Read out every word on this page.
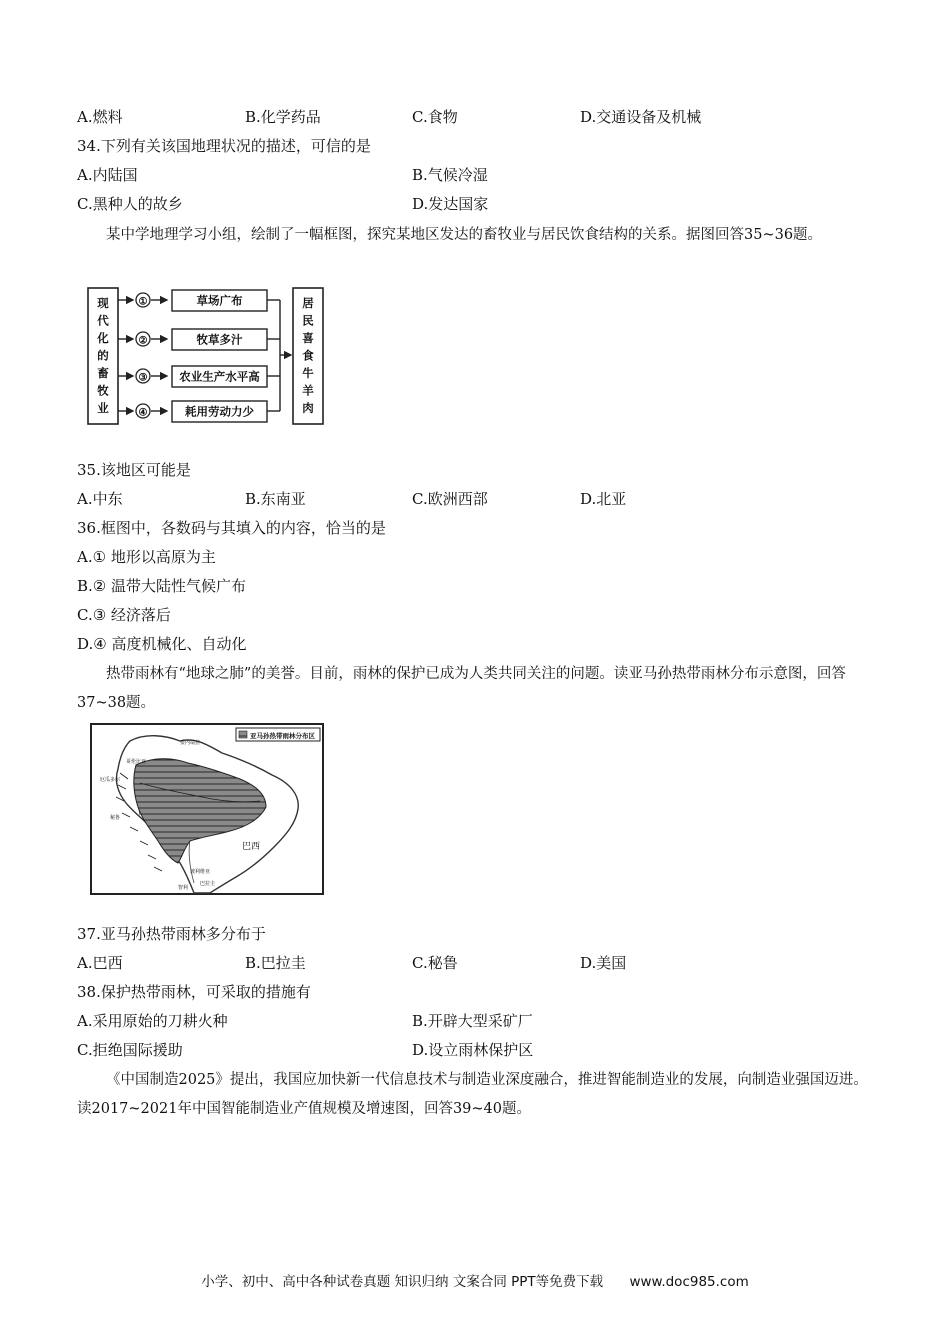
A.燃料	B.化学药品	C.食物	D.交通设备及机械
34.下列有关该国地理状况的描述，可信的是
A.内陆国	B.气候冷湿
C.黑种人的故乡	D.发达国家
某中学地理学习小组，绘制了一幅框图，探究某地区发达的畜牧业与居民饮食结构的关系。据图回答35~36题。
现
代
化
的
畜
牧
业
居
民
喜
食
牛
羊
肉
①	草场广布
②	牧草多汁
③	农业生产水平高
④	耗用劳动力少
35.该地区可能是
A.中东	B.东南亚	C.欧洲西部	D.北亚
36.框图中，各数码与其填入的内容，恰当的是
A.① 地形以高原为主
B.② 温带大陆性气候广布
C.③ 经济落后
D.④ 高度机械化、自动化
热带雨林有“地球之肺”的美誉。目前，雨林的保护已成为人类共同关注的问题。读亚马孙热带雨林分布示意图，回答37~38题。
亚马孙热带雨林分布区
巴西
委内瑞拉
哥伦比亚
厄瓜多尔
秘鲁
玻利维亚
智利
巴拉圭
37.亚马孙热带雨林多分布于
A.巴西	B.巴拉圭	C.秘鲁	D.美国
38.保护热带雨林，可采取的措施有
A.采用原始的刀耕火种	B.开辟大型采矿厂
C.拒绝国际援助	D.设立雨林保护区
《中国制造2025》提出，我国应加快新一代信息技术与制造业深度融合，推进智能制造业的发展，向制造业强国迈进。读2017~2021年中国智能制造业产值规模及增速图，回答39~40题。
小学、初中、高中各种试卷真题 知识归纳 文案合同 PPT等免费下载 www.doc985.com
